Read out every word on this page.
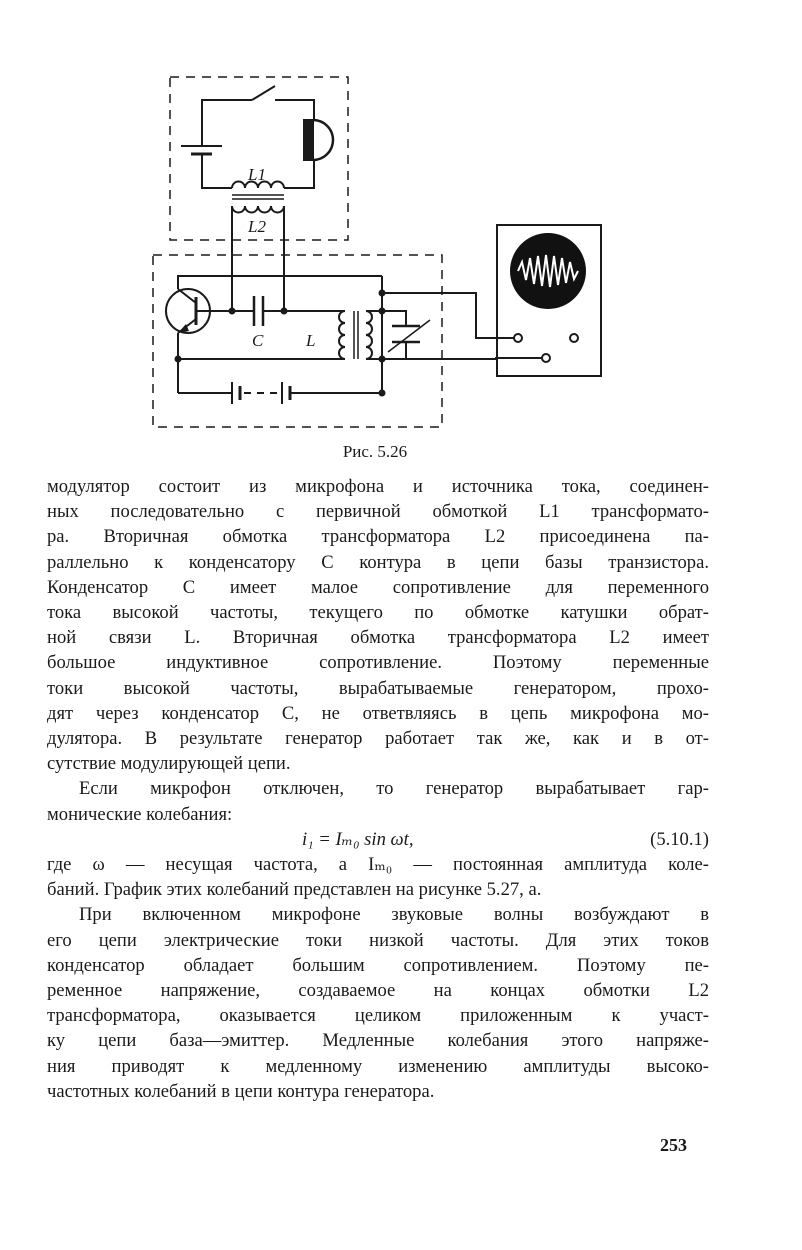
L1
L2
C	L
Рис. 5.26

модулятор состоит из микрофона и источника тока, соединен-

ных последовательно с первичной обмоткой L1 трансформато-

ра. Вторичная обмотка трансформатора L2 присоединена па-

раллельно к конденсатору C контура в цепи базы транзистора.

Конденсатор C имеет малое сопротивление для переменного

тока высокой частоты, текущего по обмотке катушки обрат-

ной связи L. Вторичная обмотка трансформатора L2 имеет

большое индуктивное сопротивление. Поэтому переменные

токи высокой частоты, вырабатываемые генератором, прохо-

дят через конденсатор C, не ответвляясь в цепь микрофона мо-

дулятора. В результате генератор работает так же, как и в от-

сутствие модулирующей цепи.

Если микрофон отключен, то генератор вырабатывает гар-

монические колебания:

i₁ = Iₘ₀ sin ωt,	(5.10.1)

где ω — несущая частота, а Iₘ₀ — постоянная амплитуда коле-

баний. График этих колебаний представлен на рисунке 5.27, а.

При включенном микрофоне звуковые волны возбуждают в

его цепи электрические токи низкой частоты. Для этих токов

конденсатор обладает большим сопротивлением. Поэтому пе-

ременное напряжение, создаваемое на концах обмотки L2

трансформатора, оказывается целиком приложенным к участ-

ку цепи база—эмиттер. Медленные колебания этого напряже-

ния приводят к медленному изменению амплитуды высоко-

частотных колебаний в цепи контура генератора.

253
